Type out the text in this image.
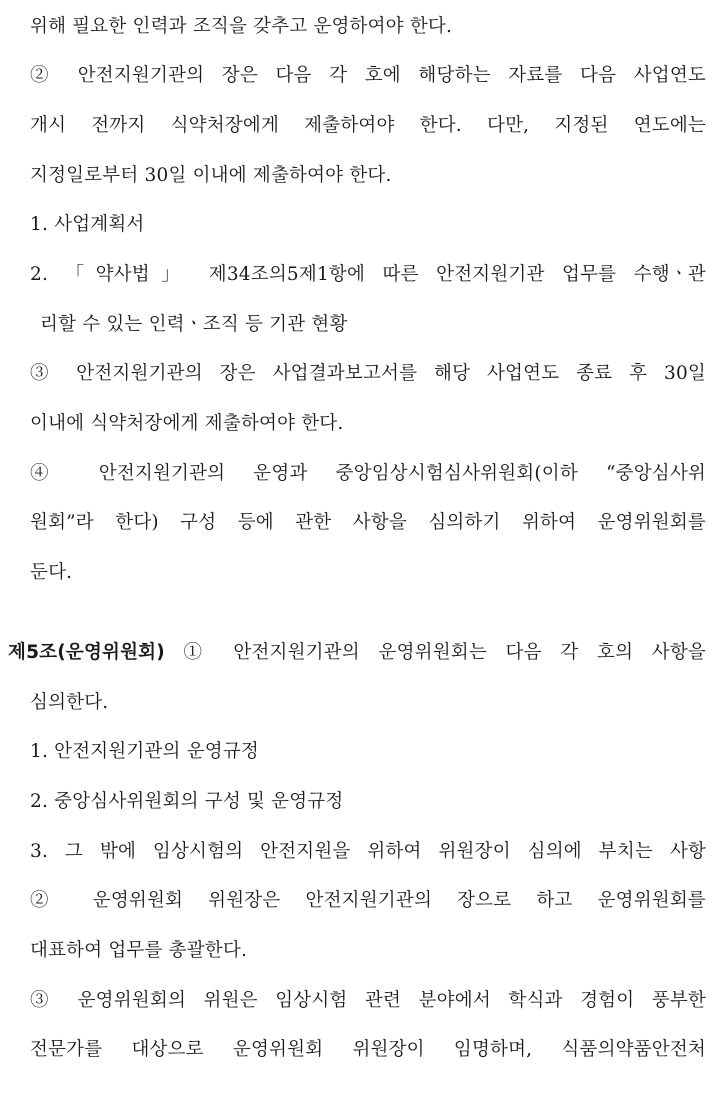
위해 필요한 인력과 조직을 갖추고 운영하여야 한다.
② 안전지원기관의 장은 다음 각 호에 해당하는 자료를 다음 사업연도
개시 전까지 식약처장에게 제출하여야 한다. 다만, 지정된 연도에는
지정일로부터 30일 이내에 제출하여야 한다.
1. 사업계획서
2. 「약사법」 제34조의5제1항에 따른 안전지원기관 업무를 수행ㆍ관
리할 수 있는 인력ㆍ조직 등 기관 현황
③ 안전지원기관의 장은 사업결과보고서를 해당 사업연도 종료 후 30일
이내에 식약처장에게 제출하여야 한다.
④ 안전지원기관의 운영과 중앙임상시험심사위원회(이하 “중앙심사위
원회”라 한다) 구성 등에 관한 사항을 심의하기 위하여 운영위원회를
둔다.
제5조(운영위원회) ① 안전지원기관의 운영위원회는 다음 각 호의 사항을
심의한다.
1. 안전지원기관의 운영규정
2. 중앙심사위원회의 구성 및 운영규정
3. 그 밖에 임상시험의 안전지원을 위하여 위원장이 심의에 부치는 사항
② 운영위원회 위원장은 안전지원기관의 장으로 하고 운영위원회를
대표하여 업무를 총괄한다.
③ 운영위원회의 위원은 임상시험 관련 분야에서 학식과 경험이 풍부한
전문가를 대상으로 운영위원회 위원장이 임명하며, 식품의약품안전처
